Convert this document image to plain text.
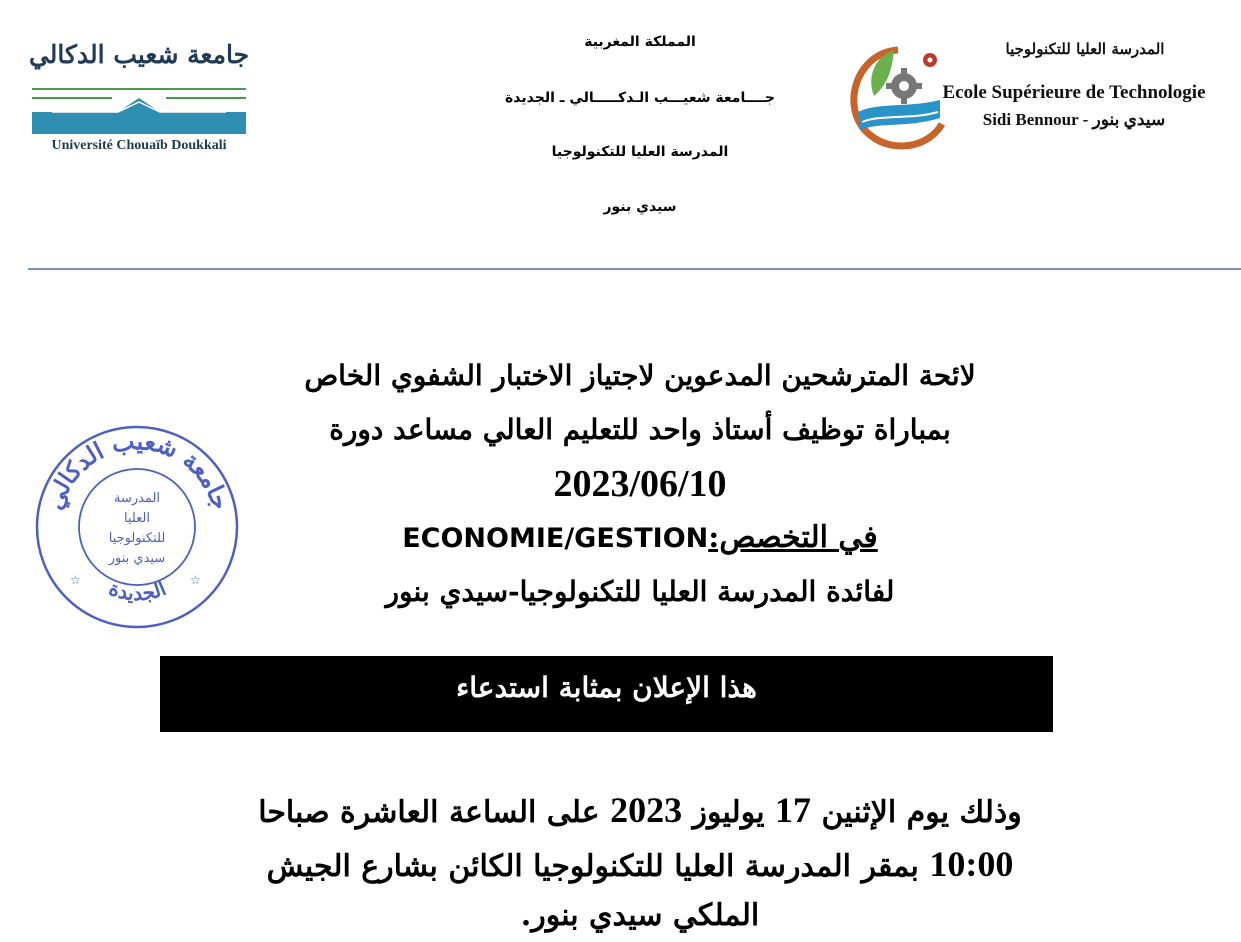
جامعة شعيب الدكالي
Université Chouaïb Doukkali
المملكة المغربية
جــــامعة شعيـــب الـدكـــــالي ـ الجديدة
المدرسة العليا للتكنولوجيا
سيدي بنور
المدرسة العليا للتكنولوجيا
Ecole Supérieure de Technologie
Sidi Bennour - سيدي بنور
لائحة المترشحين المدعوين لاجتياز الاختبار الشفوي الخاص
بمباراة توظيف أستاذ واحد للتعليم العالي مساعد دورة
2023/06/10
ECONOMIE/GESTIONفي التخصص:
لفائدة المدرسة العليا للتكنولوجيا-سيدي بنور
جامعة شعيب الدكالي
الجديدة
☆	☆
المدرسة
العليا
للتكنولوجيا
سيدي بنور
هذا الإعلان بمثابة استدعاء
وذلك يوم الإثنين 17 يوليوز 2023 على الساعة العاشرة صباحا
10:00 بمقر المدرسة العليا للتكنولوجيا الكائن بشارع الجيش
الملكي سيدي بنور.
